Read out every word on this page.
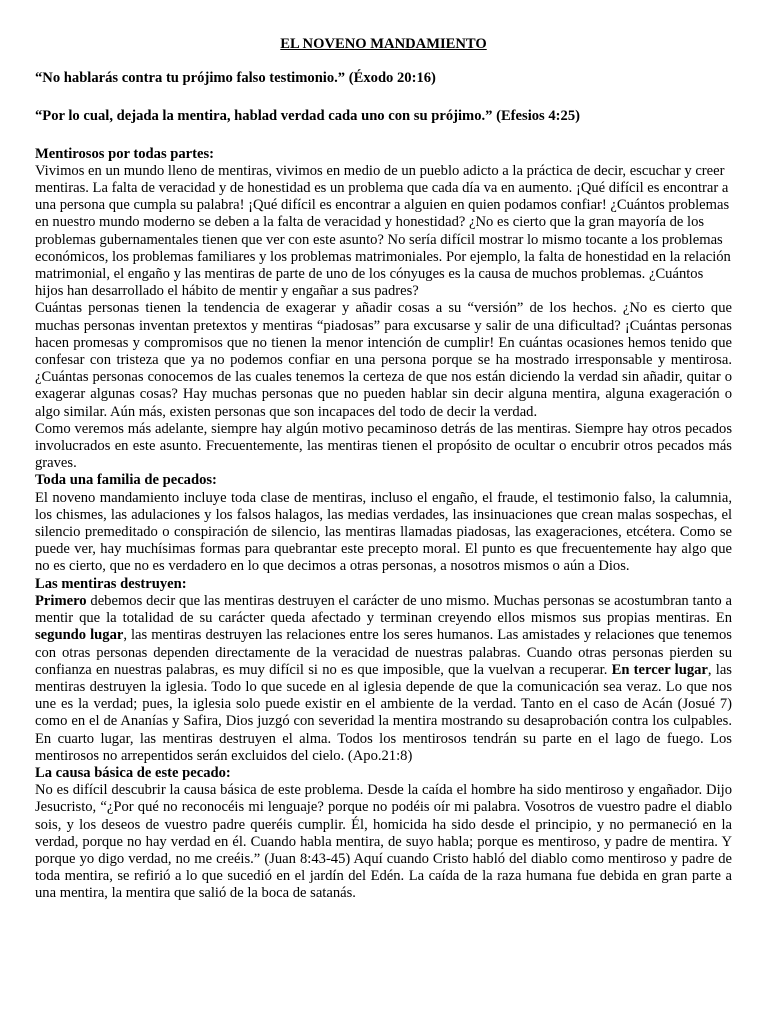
EL NOVENO MANDAMIENTO

“No hablarás contra tu prójimo falso testimonio.” (Éxodo 20:16)

“Por lo cual, dejada la mentira, hablad verdad cada uno con su prójimo.” (Efesios 4:25)

Mentirosos por todas partes:

Vivimos en un mundo lleno de mentiras, vivimos en medio de un pueblo adicto a la práctica de decir, escuchar y creer mentiras. La falta de veracidad y de honestidad es un problema que cada día va en aumento. ¡Qué difícil es encontrar a una persona que cumpla su palabra! ¡Qué difícil es encontrar a alguien en quien podamos confiar! ¿Cuántos problemas en nuestro mundo moderno se deben a la falta de veracidad y honestidad? ¿No es cierto que la gran mayoría de los problemas gubernamentales tienen que ver con este asunto? No sería difícil mostrar lo mismo tocante a los problemas económicos, los problemas familiares y los problemas matrimoniales. Por ejemplo, la falta de honestidad en la relación matrimonial, el engaño y las mentiras de parte de uno de los cónyuges es la causa de muchos problemas. ¿Cuántos hijos han desarrollado el hábito de mentir y engañar a sus padres?

Cuántas personas tienen la tendencia de exagerar y añadir cosas a su “versión” de los hechos. ¿No es cierto que muchas personas inventan pretextos y mentiras “piadosas” para excusarse y salir de una dificultad? ¡Cuántas personas hacen promesas y compromisos que no tienen la menor intención de cumplir! En cuántas ocasiones hemos tenido que confesar con tristeza que ya no podemos confiar en una persona porque se ha mostrado irresponsable y mentirosa. ¿Cuántas personas conocemos de las cuales tenemos la certeza de que nos están diciendo la verdad sin añadir, quitar o exagerar algunas cosas? Hay muchas personas que no pueden hablar sin decir alguna mentira, alguna exageración o algo similar. Aún más, existen personas que son incapaces del todo de decir la verdad.

Como veremos más adelante, siempre hay algún motivo pecaminoso detrás de las mentiras. Siempre hay otros pecados involucrados en este asunto. Frecuentemente, las mentiras tienen el propósito de ocultar o encubrir otros pecados más graves.

Toda una familia de pecados:

El noveno mandamiento incluye toda clase de mentiras, incluso el engaño, el fraude, el testimonio falso, la calumnia, los chismes, las adulaciones y los falsos halagos, las medias verdades, las insinuaciones que crean malas sospechas, el silencio premeditado o conspiración de silencio, las mentiras llamadas piadosas, las exageraciones, etcétera. Como se puede ver, hay muchísimas formas para quebrantar este precepto moral. El punto es que frecuentemente hay algo que no es cierto, que no es verdadero en lo que decimos a otras personas, a nosotros mismos o aún a Dios.

Las mentiras destruyen:

Primero debemos decir que las mentiras destruyen el carácter de uno mismo. Muchas personas se acostumbran tanto a mentir que la totalidad de su carácter queda afectado y terminan creyendo ellos mismos sus propias mentiras. En segundo lugar, las mentiras destruyen las relaciones entre los seres humanos. Las amistades y relaciones que tenemos con otras personas dependen directamente de la veracidad de nuestras palabras. Cuando otras personas pierden su confianza en nuestras palabras, es muy difícil si no es que imposible, que la vuelvan a recuperar. En tercer lugar, las mentiras destruyen la iglesia. Todo lo que sucede en al iglesia depende de que la comunicación sea veraz. Lo que nos une es la verdad; pues, la iglesia solo puede existir en el ambiente de la verdad. Tanto en el caso de Acán (Josué 7) como en el de Ananías y Safira, Dios juzgó con severidad la mentira mostrando su desaprobación contra los culpables. En cuarto lugar, las mentiras destruyen el alma. Todos los mentirosos tendrán su parte en el lago de fuego. Los mentirosos no arrepentidos serán excluidos del cielo. (Apo.21:8)

La causa básica de este pecado:

No es difícil descubrir la causa básica de este problema. Desde la caída el hombre ha sido mentiroso y engañador. Dijo Jesucristo, “¿Por qué no reconocéis mi lenguaje? porque no podéis oír mi palabra. Vosotros de vuestro padre el diablo sois, y los deseos de vuestro padre queréis cumplir. Él, homicida ha sido desde el principio, y no permaneció en la verdad, porque no hay verdad en él. Cuando habla mentira, de suyo habla; porque es mentiroso, y padre de mentira. Y porque yo digo verdad, no me creéis.” (Juan 8:43-45) Aquí cuando Cristo habló del diablo como mentiroso y padre de toda mentira, se refirió a lo que sucedió en el jardín del Edén. La caída de la raza humana fue debida en gran parte a una mentira, la mentira que salió de la boca de satanás.
